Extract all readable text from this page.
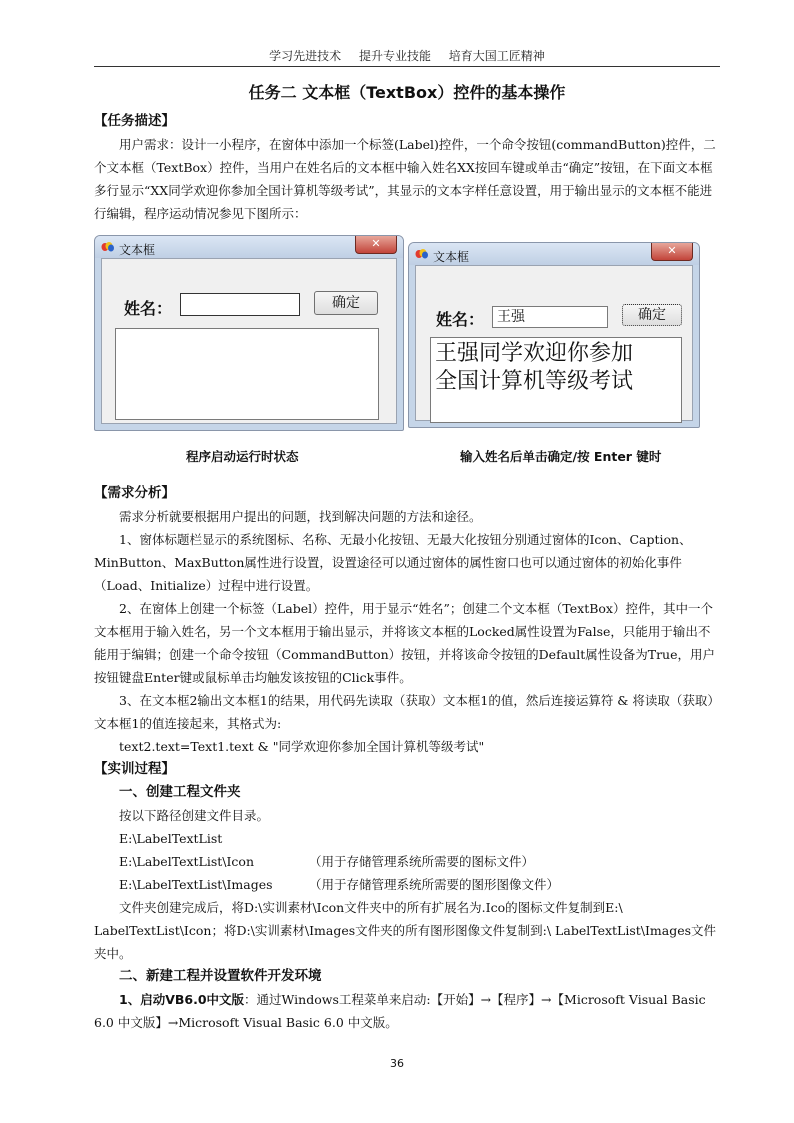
学习先进技术 提升专业技能 培育大国工匠精神
任务二 文本框（TextBox）控件的基本操作

【任务描述】

用户需求：设计一小程序，在窗体中添加一个标签(Label)控件，一个命令按钮(commandButton)控件，二个文本框（TextBox）控件，当用户在姓名后的文本框中输入姓名XX按回车键或单击“确定”按钮，在下面文本框多行显示“XX同学欢迎你参加全国计算机等级考试”，其显示的文本字样任意设置，用于输出显示的文本框不能进行编辑，程序运动情况参见下图所示：

文本框	✕
姓名：	确定
文本框	✕
姓名： 王强	确定
王强同学欢迎你参加
全国计算机等级考试
程序启动运行时状态	输入姓名后单击确定/按 Enter 键时

【需求分析】

需求分析就要根据用户提出的问题，找到解决问题的方法和途径。

1、窗体标题栏显示的系统图标、名称、无最小化按钮、无最大化按钮分别通过窗体的Icon、Caption、MinButton、MaxButton属性进行设置，设置途径可以通过窗体的属性窗口也可以通过窗体的初始化事件（Load、Initialize）过程中进行设置。

2、在窗体上创建一个标签（Label）控件，用于显示“姓名”；创建二个文本框（TextBox）控件，其中一个文本框用于输入姓名，另一个文本框用于输出显示，并将该文本框的Locked属性设置为False，只能用于输出不能用于编辑；创建一个命令按钮（CommandButton）按钮，并将该命令按钮的Default属性设备为True，用户按钮键盘Enter键或鼠标单击均触发该按钮的Click事件。

3、在文本框2输出文本框1的结果，用代码先读取（获取）文本框1的值，然后连接运算符 & 将读取（获取）文本框1的值连接起来，其格式为:

text2.text=Text1.text & "同学欢迎你参加全国计算机等级考试"

【实训过程】

一、创建工程文件夹

按以下路径创建文件目录。

E:\LabelTextList

E:\LabelTextList\Icon	（用于存储管理系统所需要的图标文件）

E:\LabelTextList\Images	（用于存储管理系统所需要的图形图像文件）

文件夹创建完成后，将D:\实训素材\Icon文件夹中的所有扩展名为.Ico的图标文件复制到E:\ LabelTextList\Icon；将D:\实训素材\Images文件夹的所有图形图像文件复制到:\ LabelTextList\Images文件夹中。

二、新建工程并设置软件开发环境

1、启动VB6.0中文版：通过Windows工程菜单来启动:【开始】→【程序】→【Microsoft Visual Basic 6.0 中文版】→Microsoft Visual Basic 6.0 中文版。

36
